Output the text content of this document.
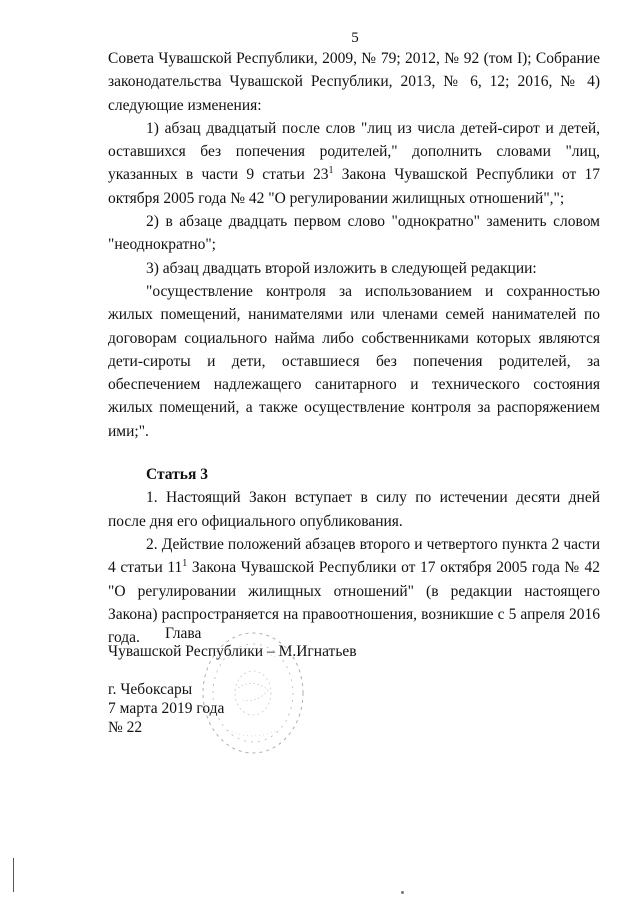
5

Совета Чувашской Республики, 2009, № 79; 2012, № 92 (том I); Собрание законодательства Чувашской Республики, 2013, № 6, 12; 2016, № 4) следующие изменения:

1) абзац двадцатый после слов "лиц из числа детей-сирот и детей, оставшихся без попечения родителей," дополнить словами "лиц, указанных в части 9 статьи $23^1$ Закона Чувашской Республики от 17 октября 2005 года № 42 "О регулировании жилищных отношений",";

2) в абзаце двадцать первом слово "однократно" заменить словом "неоднократно";

3) абзац двадцать второй изложить в следующей редакции:

"осуществление контроля за использованием и сохранностью жилых помещений, нанимателями или членами семей нанимателей по договорам социального найма либо собственниками которых являются дети-сироты и дети, оставшиеся без попечения родителей, за обеспечением надлежащего санитарного и технического состояния жилых помещений, а также осуществление контроля за распоряжением ими;".

Статья 3

1. Настоящий Закон вступает в силу по истечении десяти дней после дня его официального опубликования.

2. Действие положений абзацев второго и четвертого пункта 2 части 4 статьи $11^1$ Закона Чувашской Республики от 17 октября 2005 года № 42 "О регулировании жилищных отношений" (в редакции настоящего Закона) распространяется на правоотношения, возникшие с 5 апреля 2016 года.	Глава
Чувашской Республики – М.Игнатьев
г. Чебоксары
7 марта 2019 года
№ 22
